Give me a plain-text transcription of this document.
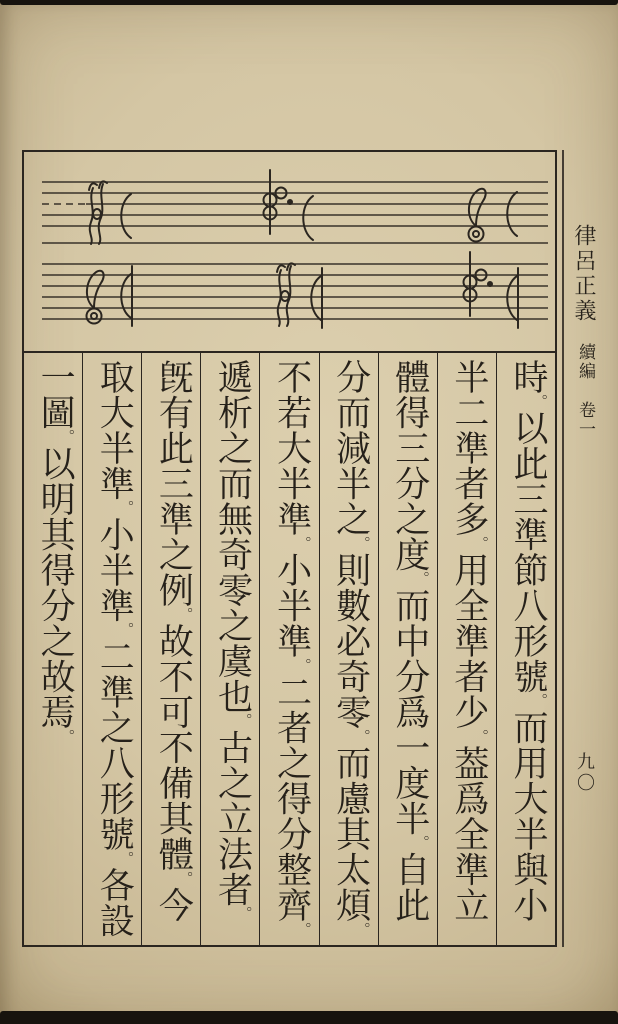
時。以此三準節八形號。而用大半與小
半二準者多。用全準者少。葢爲全準立
體得三分之度。而中分爲一度半。自此
分而減半之。則數必奇零。而慮其太煩。
不若大半準。小半準。二者之得分整齊。
遞析之而無奇零之虞也。古之立法者。
旣有此三準之例。故不可不備其體。今
取大半準。小半準。二準之八形號。各設
一圖。以明其得分之故焉。
律呂正義
續編
卷一
九〇
